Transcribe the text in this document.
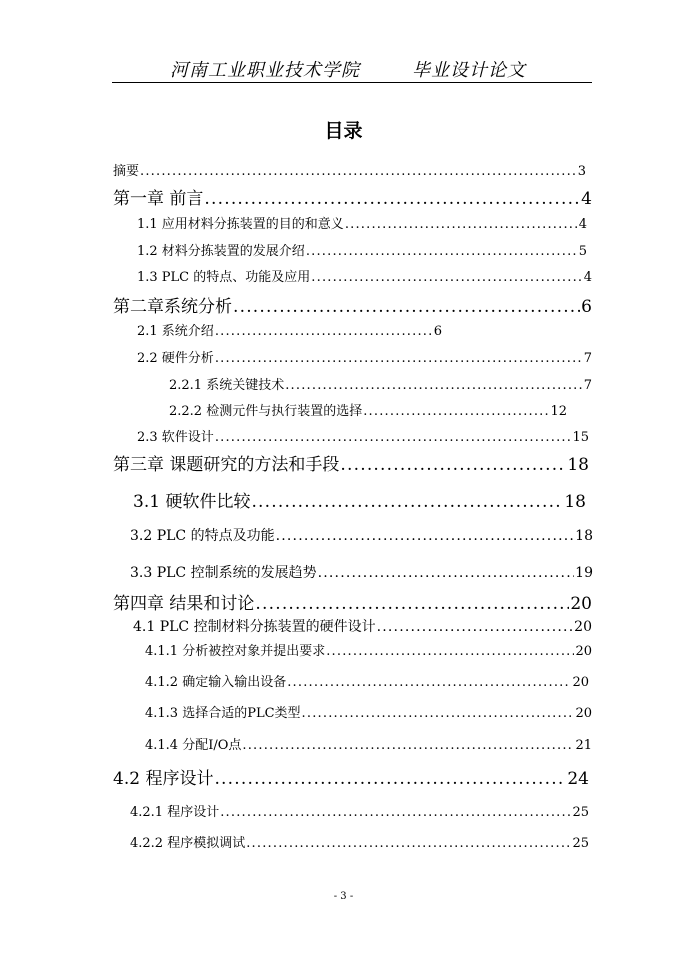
河南工业职业技术学院	毕业设计论文
目录
摘要 .....	3
第一章 前言 .....	4
1.1 应用材料分拣装置的目的和意义 .....	4
1.2 材料分拣装置的发展介绍 .....	5
1.3 PLC 的特点、功能及应用 .....	4
第二章系统分析 .....	6
2.1 系统介绍 .....	6
2.2 硬件分析 .....	7
2.2.1 系统关键技术 .....	7
2.2.2 检测元件与执行装置的选择 .....	12
2.3 软件设计 .....	15
第三章 课题研究的方法和手段 .....	18
3.1 硬软件比较 .....	18
3.2 PLC 的特点及功能 .....	18
3.3 PLC 控制系统的发展趋势 .....	19
第四章 结果和讨论 .....	20
4.1 PLC 控制材料分拣装置的硬件设计 .....	20
4.1.1 分析被控对象并提出要求 .....	20
4.1.2 确定输入输出设备 .....	20
4.1.3 选择合适的PLC类型 .....	20
4.1.4 分配I/O点 .....	21
4.2 程序设计 .....	24
4.2.1 程序设计 .....	25
4.2.2 程序模拟调试 .....	25
- 3 -
